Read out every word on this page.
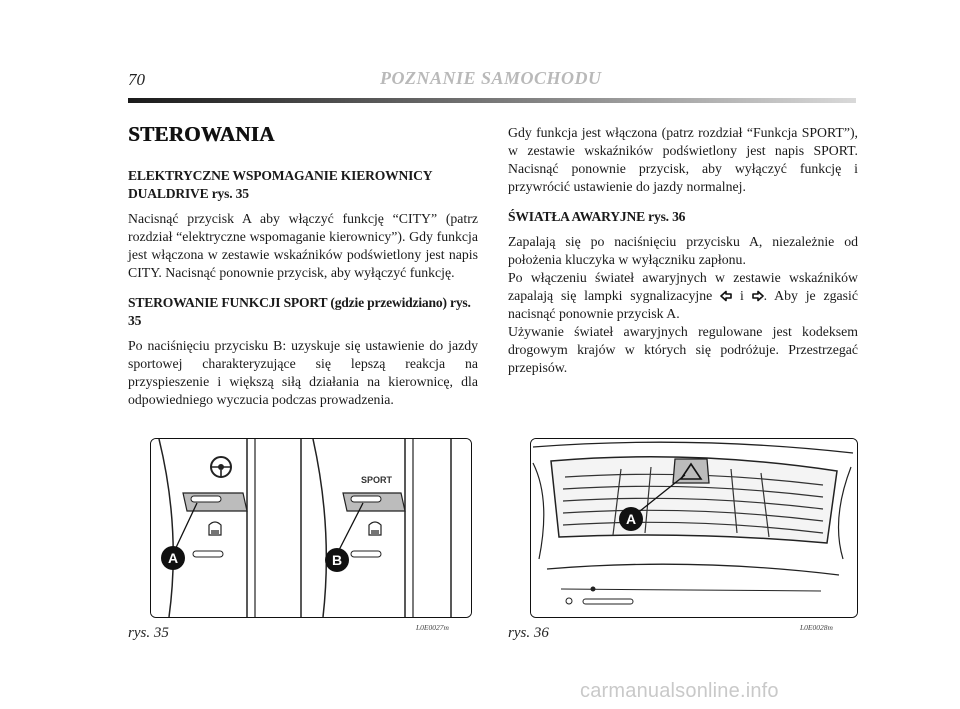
70	POZNANIE SAMOCHODU
STEROWANIA

ELEKTRYCZNE WSPOMAGANIE KIEROWNICY DUALDRIVE rys. 35

Nacisnąć przycisk A aby włączyć funkcję “CITY” (patrz rozdział “elektryczne wspomaganie kierownicy”). Gdy funkcja jest włączona w zestawie wskaźników podświetlony jest napis CITY. Nacisnąć ponownie przycisk, aby wyłączyć funkcję.

STEROWANIE FUNKCJI SPORT (gdzie przewidziano) rys. 35

Po naciśnięciu przycisku B: uzyskuje się ustawienie do jazdy sportowej charakteryzujące się lepszą reakcja na przyspieszenie i większą siłą działania na kierownicę, dla odpowiedniego wyczucia podczas prowadzenia.

Gdy funkcja jest włączona (patrz rozdział “Funkcja SPORT”), w zestawie wskaźników podświetlony jest napis SPORT. Nacisnąć ponownie przycisk, aby wyłączyć funkcję i przywrócić ustawienie do jazdy normalnej.

ŚWIATŁA AWARYJNE rys. 36

Zapalają się po naciśnięciu przycisku A, niezależnie od położenia kluczyka w wyłączniku zapłonu.
Po włączeniu świateł awaryjnych w zestawie wskaźników zapalają się lampki sygnalizacyjne i . Aby je zgasić nacisnąć ponownie przycisk A.
Używanie świateł awaryjnych regulowane jest kodeksem drogowym krajów w których się podróżuje. Przestrzegać przepisów.

SPORT
A	B
rys. 35	L0E0027m
A
rys. 36	L0E0028m
carmanualsonline.info
